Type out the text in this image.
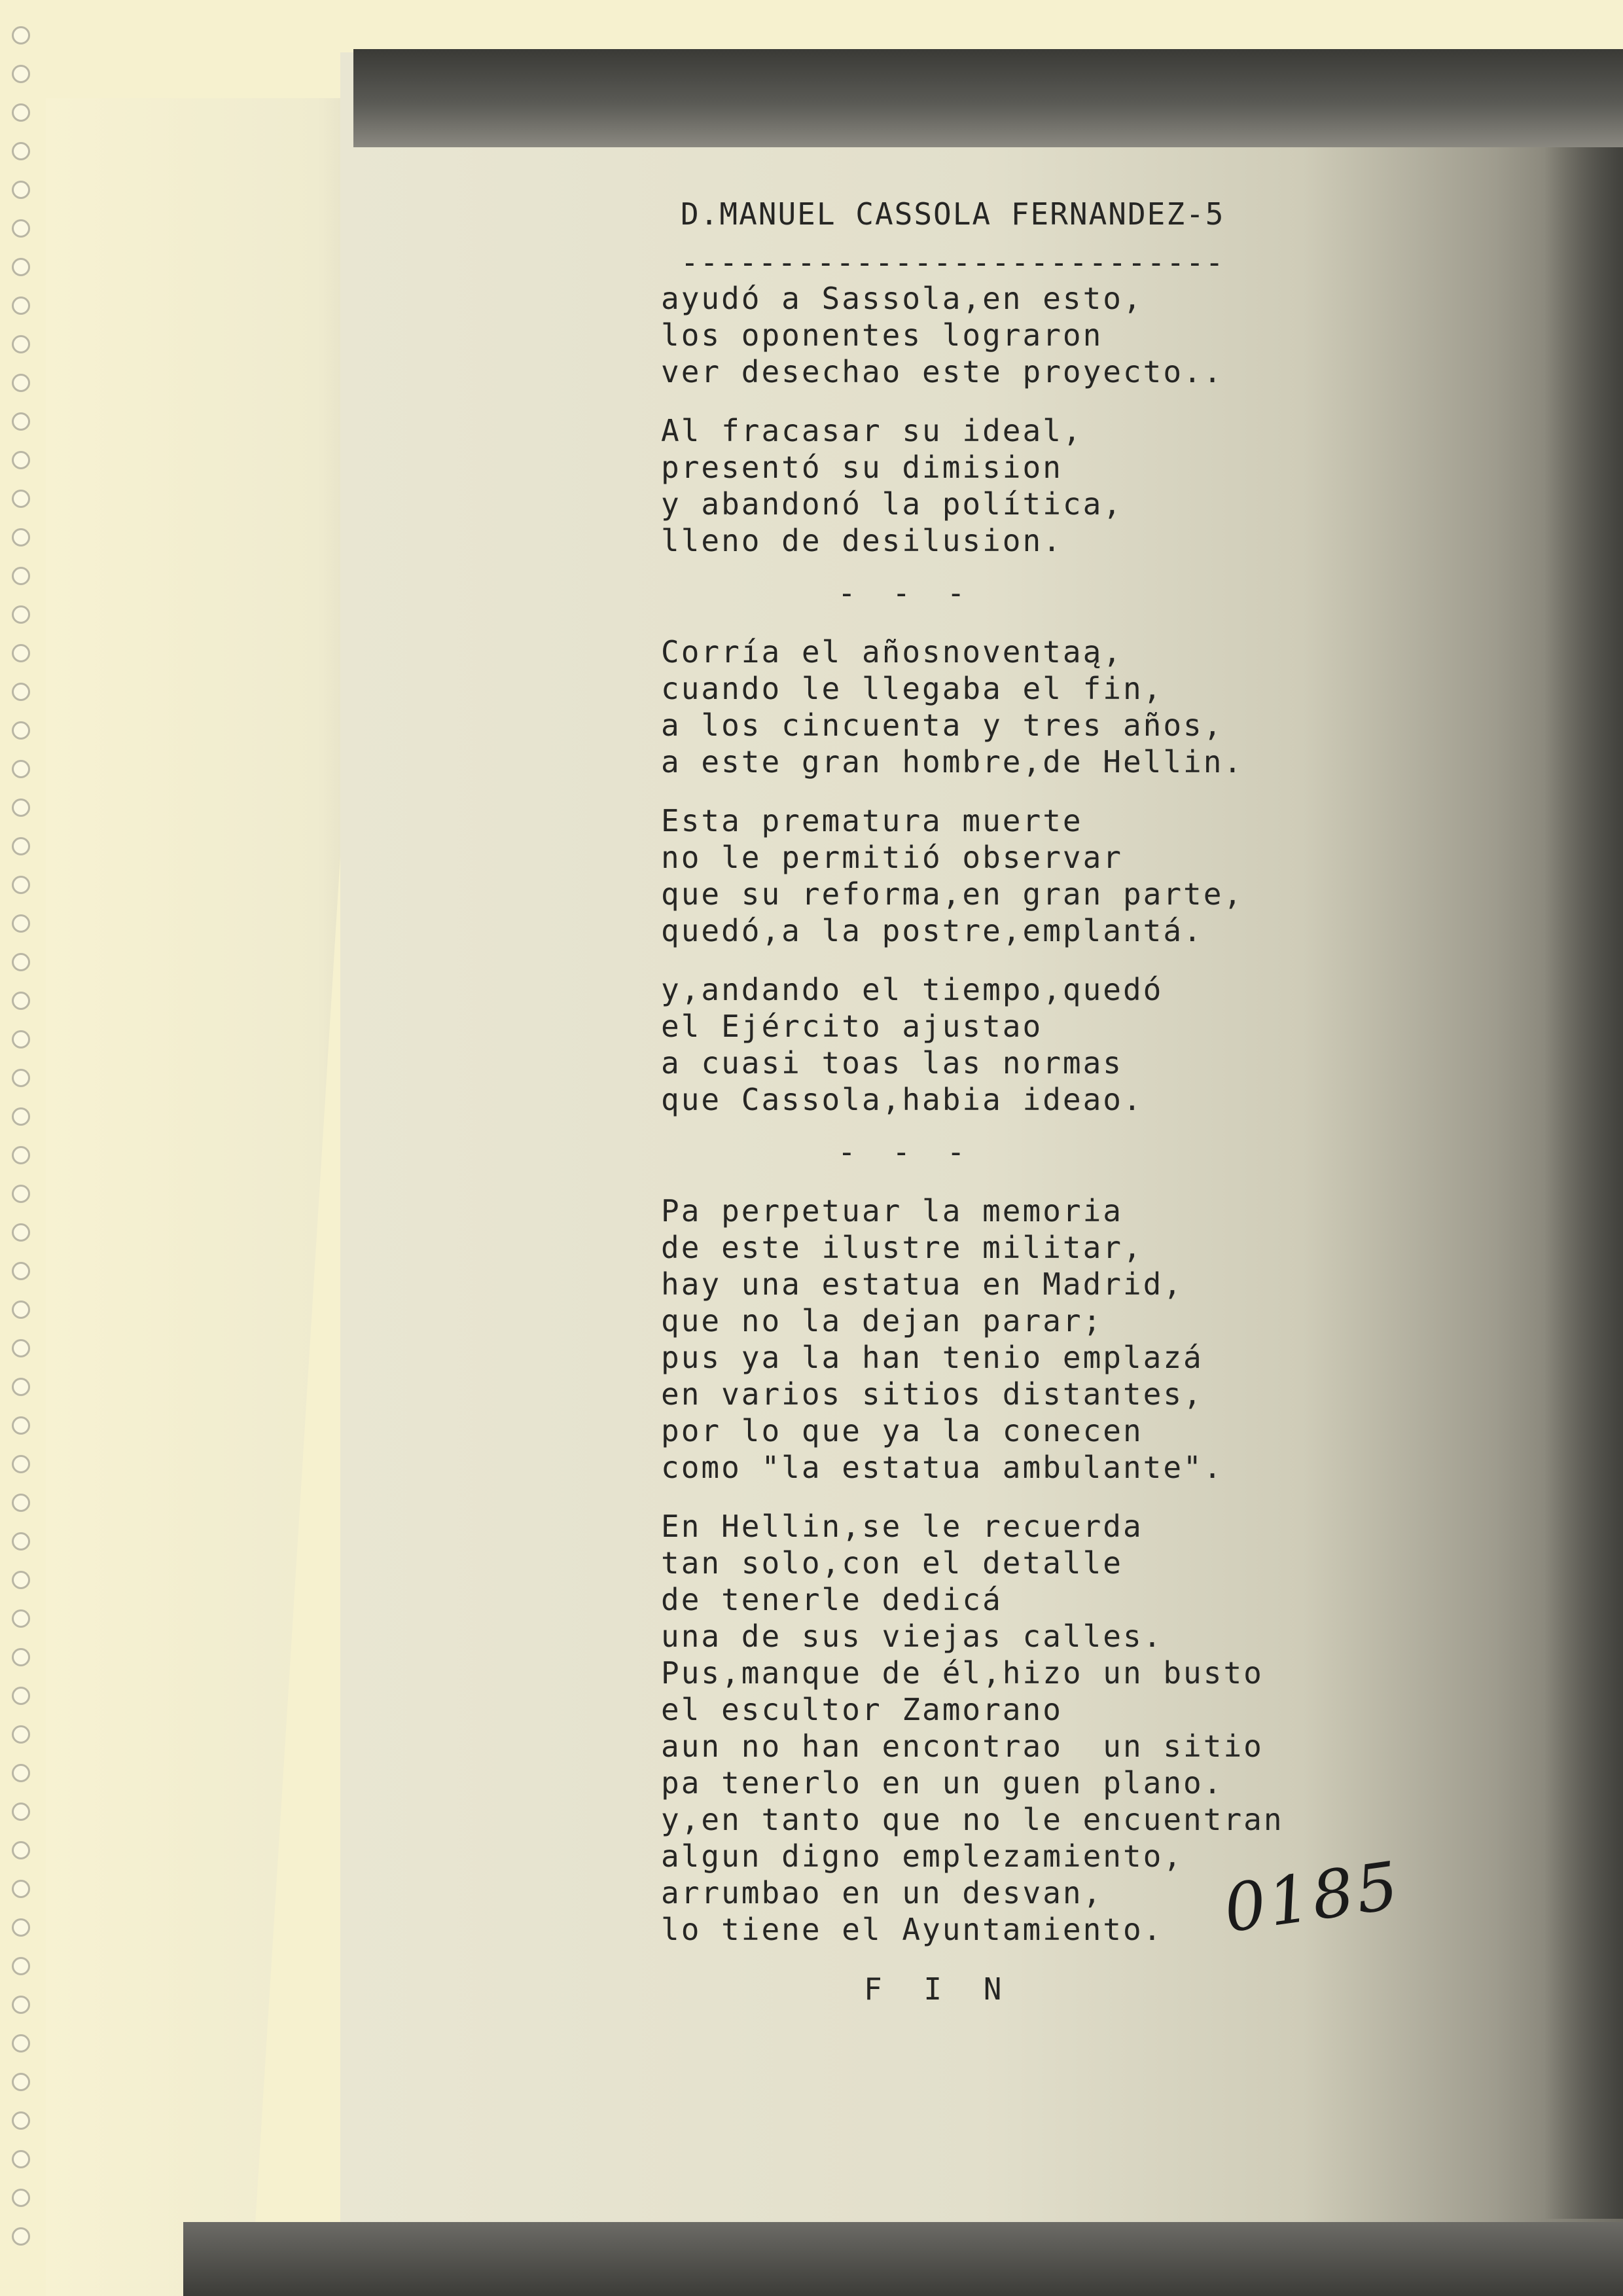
D.MANUEL CASSOLA FERNANDEZ-5
----------------------------
ayudó a Sassola,en esto,
los oponentes lograron
ver desechao este proyecto..
Al fracasar su ideal,
presentó su dimision
y abandonó la política,
lleno de desilusion.
- - -
Corría el añosnoventaą,
cuando le llegaba el fin,
a los cincuenta y tres años,
a este gran hombre,de Hellin.
Esta prematura muerte
no le permitió observar
que su reforma,en gran parte,
quedó,a la postre,emplantá.
y,andando el tiempo,quedó
el Ejército ajustao
a cuasi toas las normas
que Cassola,habia ideao.
- - -
Pa perpetuar la memoria
de este ilustre militar,
hay una estatua en Madrid,
que no la dejan parar;
pus ya la han tenio emplazá
en varios sitios distantes,
por lo que ya la conecen
como "la estatua ambulante".
En Hellin,se le recuerda
tan solo,con el detalle
de tenerle dedicá
una de sus viejas calles.
Pus,manque de él,hizo un busto
el escultor Zamorano
aun no han encontrao  un sitio
pa tenerlo en un guen plano.
y,en tanto que no le encuentran
algun digno emplezamiento,
arrumbao en un desvan,
lo tiene el Ayuntamiento.
F I N
0185
